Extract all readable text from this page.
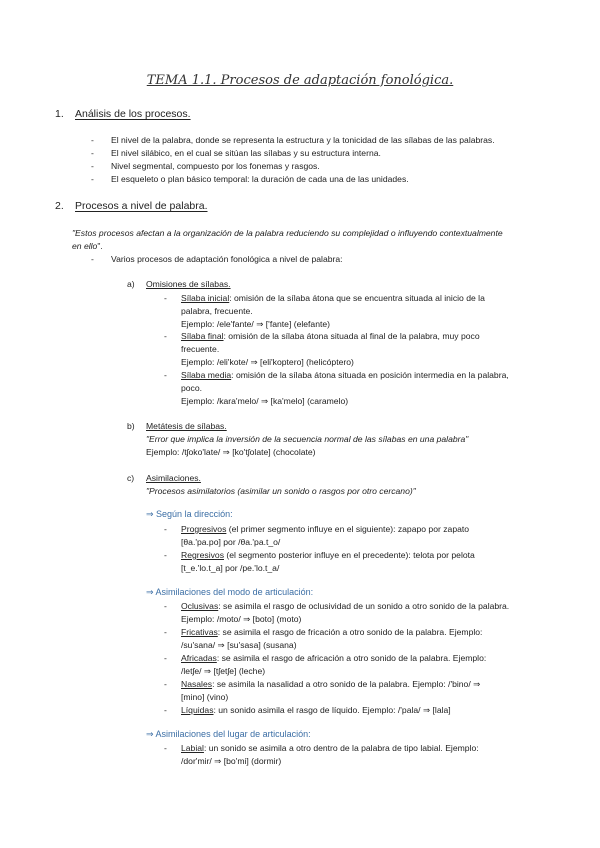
TEMA 1.1. Procesos de adaptación fonológica.
1. Análisis de los procesos.
- El nivel de la palabra, donde se representa la estructura y la tonicidad de las sílabas de las palabras.
- El nivel silábico, en el cual se sitúan las sílabas y su estructura interna.
- Nivel segmental, compuesto por los fonemas y rasgos.
- El esqueleto o plan básico temporal: la duración de cada una de las unidades.
2. Procesos a nivel de palabra.
"Estos procesos afectan a la organización de la palabra reduciendo su complejidad o influyendo contextualmente
en ello".
- Varios procesos de adaptación fonológica a nivel de palabra:
a) Omisiones de sílabas.
- Sílaba inicial: omisión de la sílaba átona que se encuentra situada al inicio de la
palabra, frecuente.
Ejemplo: /ele'fante/ ⇒ ['fante] (elefante)
- Sílaba final: omisión de la sílaba átona situada al final de la palabra, muy poco
frecuente.
Ejemplo: /eli'kote/ ⇒ [eli'koptero] (helicóptero)
- Sílaba media: omisión de la sílaba átona situada en posición intermedia en la palabra,
poco.
Ejemplo: /kara'melo/ ⇒ [ka'melo] (caramelo)
b) Metátesis de sílabas.
"Error que implica la inversión de la secuencia normal de las sílabas en una palabra"
Ejemplo: /tʃoko'late/ ⇒ [ko'tʃolate] (chocolate)
c) Asimilaciones.
"Procesos asimilatorios (asimilar un sonido o rasgos por otro cercano)"
⇒ Según la dirección:
- Progresivos (el primer segmento influye en el siguiente): zapapo por zapato
[θa.'pa.po] por /θa.'pa.t_o/
- Regresivos (el segmento posterior influye en el precedente): telota por pelota
[t_e.'lo.t_a] por /pe.'lo.t_a/
⇒ Asimilaciones del modo de articulación:
- Oclusivas: se asimila el rasgo de oclusividad de un sonido a otro sonido de la palabra.
Ejemplo: /moto/ ⇒ [boto] (moto)
- Fricativas: se asimila el rasgo de fricación a otro sonido de la palabra. Ejemplo:
/su'sana/ ⇒ [su'sasa] (susana)
- Africadas: se asimila el rasgo de africación a otro sonido de la palabra. Ejemplo:
/letʃe/ ⇒ [tʃetʃe] (leche)
- Nasales: se asimila la nasalidad a otro sonido de la palabra. Ejemplo: /'bino/ ⇒
[mino] (vino)
- Líquidas: un sonido asimila el rasgo de líquido. Ejemplo: /'pala/ ⇒ [lala]
⇒ Asimilaciones del lugar de articulación:
- Labial: un sonido se asimila a otro dentro de la palabra de tipo labial. Ejemplo:
/dor'mir/ ⇒ [bo'mi] (dormir)
